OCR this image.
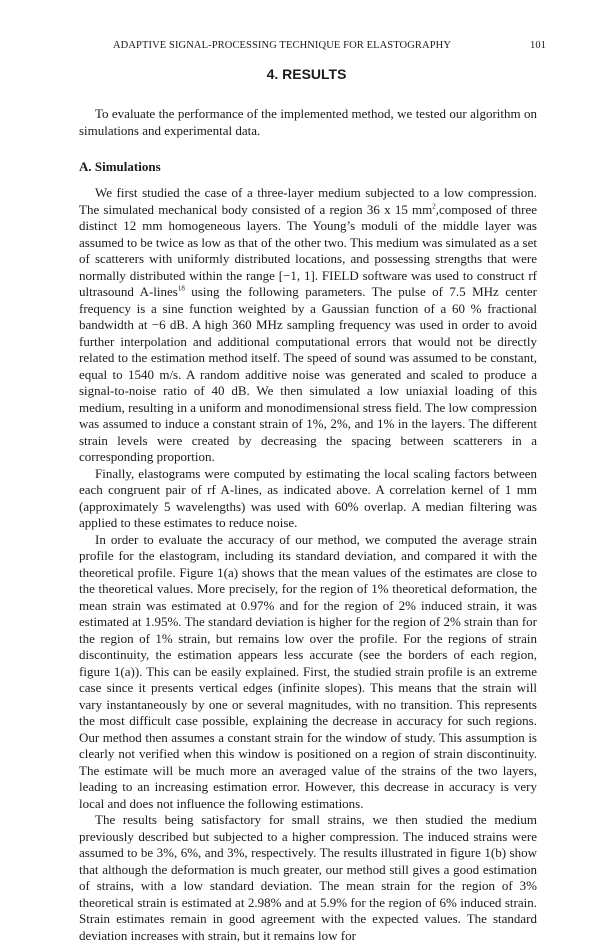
ADAPTIVE SIGNAL-PROCESSING TECHNIQUE FOR ELASTOGRAPHY	101
4. RESULTS

To evaluate the performance of the implemented method, we tested our algorithm on simulations and experimental data.

A. Simulations

We first studied the case of a three-layer medium subjected to a low compression. The simulated mechanical body consisted of a region 36 x 15 $mm^2,composed$ of three distinct 12 mm homogeneous layers. The Young’s moduli of the middle layer was assumed to be twice as low as that of the other two. This medium was simulated as a set of scatterers with uniformly distributed locations, and possessing strengths that were normally distributed within the range [−1, 1]. FIELD software was used to construct rf ultrasound A-lines$^{18}$ using the following parameters. The pulse of 7.5 MHz center frequency is a sine function weighted by a Gaussian function of a 60 % fractional bandwidth at −6 dB. A high 360 MHz sampling frequency was used in order to avoid further interpolation and additional computational errors that would not be directly related to the estimation method itself. The speed of sound was assumed to be constant, equal to 1540 m/s. A random additive noise was generated and scaled to produce a signal-to-noise ratio of 40 dB. We then simulated a low uniaxial loading of this medium, resulting in a uniform and monodimensional stress field. The low compression was assumed to induce a constant strain of 1%, 2%, and 1% in the layers. The different strain levels were created by decreasing the spacing between scatterers in a corresponding proportion.

Finally, elastograms were computed by estimating the local scaling factors between each congruent pair of rf A-lines, as indicated above. A correlation kernel of 1 mm (approximately 5 wavelengths) was used with 60% overlap. A median filtering was applied to these estimates to reduce noise.

In order to evaluate the accuracy of our method, we computed the average strain profile for the elastogram, including its standard deviation, and compared it with the theoretical profile. Figure 1(a) shows that the mean values of the estimates are close to the theoretical values. More precisely, for the region of 1% theoretical deformation, the mean strain was estimated at 0.97% and for the region of 2% induced strain, it was estimated at 1.95%. The standard deviation is higher for the region of 2% strain than for the region of 1% strain, but remains low over the profile. For the regions of strain discontinuity, the estimation appears less accurate (see the borders of each region, figure 1(a)). This can be easily explained. First, the studied strain profile is an extreme case since it presents vertical edges (infinite slopes). This means that the strain will vary instantaneously by one or several magnitudes, with no transition. This represents the most difficult case possible, explaining the decrease in accuracy for such regions. Our method then assumes a constant strain for the window of study. This assumption is clearly not verified when this window is positioned on a region of strain discontinuity. The estimate will be much more an averaged value of the strains of the two layers, leading to an increasing estimation error. However, this decrease in accuracy is very local and does not influence the following estimations.

The results being satisfactory for small strains, we then studied the medium previously described but subjected to a higher compression. The induced strains were assumed to be 3%, 6%, and 3%, respectively. The results illustrated in figure 1(b) show that although the deformation is much greater, our method still gives a good estimation of strains, with a low standard deviation. The mean strain for the region of 3% theoretical strain is estimated at 2.98% and at 5.9% for the region of 6% induced strain. Strain estimates remain in good agreement with the expected values. The standard deviation increases with strain, but it remains low for
